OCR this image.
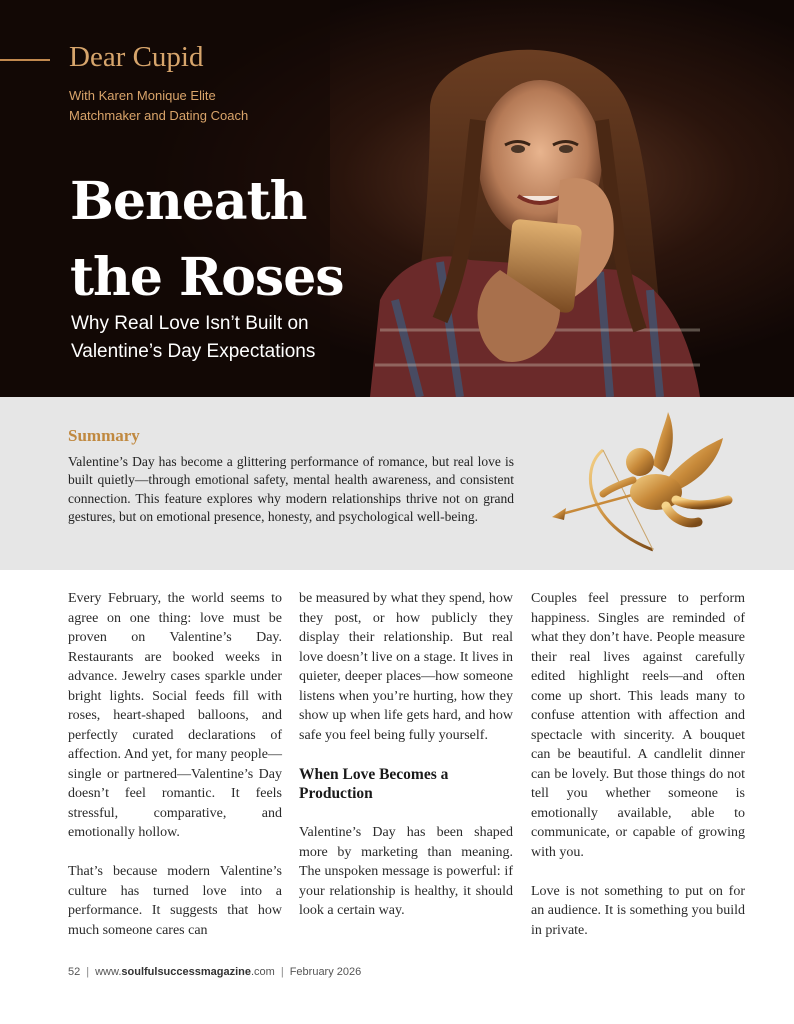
Dear Cupid
With Karen Monique Elite
Matchmaker and Dating Coach
Beneath
the Roses
Why Real Love Isn’t Built on
Valentine’s Day Expectations
Summary
Valentine’s Day has become a glittering performance of romance, but real love is built quietly—through emotional safety, mental health awareness, and consistent connection. This feature explores why modern relationships thrive not on grand gestures, but on emotional presence, honesty, and psychological well-being.

Every February, the world seems to agree on one thing: love must be proven on Valentine’s Day. Restaurants are booked weeks in advance. Jewelry cases sparkle under bright lights. Social feeds fill with roses, heart-shaped balloons, and perfectly curated declarations of affection. And yet, for many people—single or partnered—Valentine’s Day doesn’t feel romantic. It feels stressful, comparative, and emotionally hollow.

That’s because modern Valentine’s culture has turned love into a performance. It suggests that how much someone cares can

be measured by what they spend, how they post, or how publicly they display their relationship. But real love doesn’t live on a stage. It lives in quieter, deeper places—how someone listens when you’re hurting, how they show up when life gets hard, and how safe you feel being fully yourself.

When Love Becomes a Production

Valentine’s Day has been shaped more by marketing than meaning. The unspoken message is powerful: if your relationship is healthy, it should look a certain way.

Couples feel pressure to perform happiness. Singles are reminded of what they don’t have. People measure their real lives against carefully edited highlight reels—and often come up short. This leads many to confuse attention with affection and spectacle with sincerity. A bouquet can be beautiful. A candlelit dinner can be lovely. But those things do not tell you whether someone is emotionally available, able to communicate, or capable of growing with you.

Love is not something to put on for an audience. It is something you build in private.

52 | www.soulfulsuccessmagazine.com | February 2026
